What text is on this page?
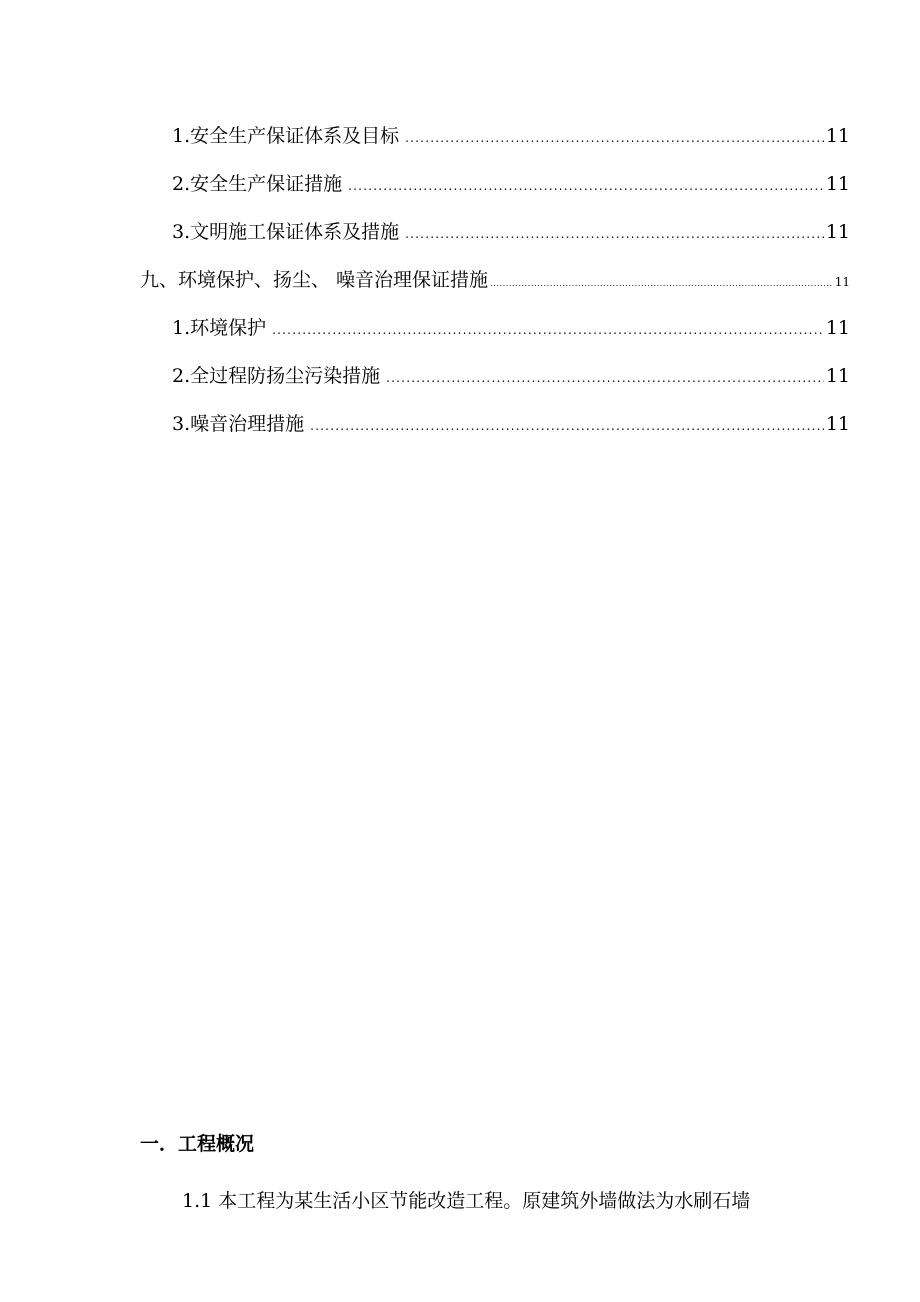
1.安全生产保证体系及目标 .....	11
2.安全生产保证措施 .....	11
3.文明施工保证体系及措施 .....	11
九、环境保护、扬尘、 噪音治理保证措施 .....	11
1.环境保护 .....	11
2.全过程防扬尘污染措施 .....	11
3.噪音治理措施 .....	11
一．工程概况
1.1 本工程为某生活小区节能改造工程。原建筑外墙做法为水刷石墙
